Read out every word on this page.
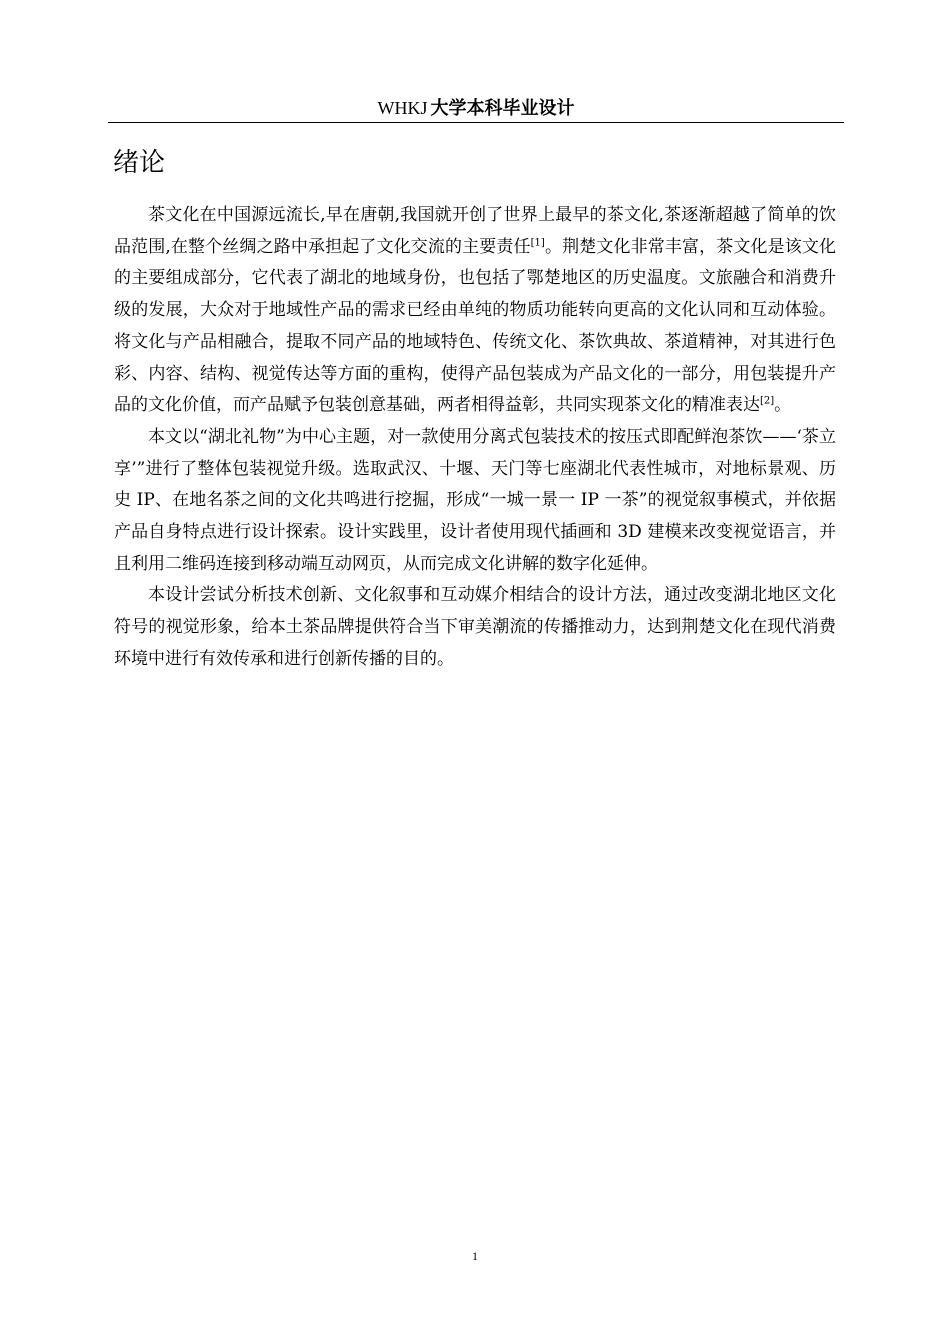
WHKJ 大学本科毕业设计
绪论

茶文化在中国源远流长,早在唐朝,我国就开创了世界上最早的茶文化,茶逐渐超越了简单的饮品范围,在整个丝绸之路中承担起了文化交流的主要责任[1]。荆楚文化非常丰富，茶文化是该文化的主要组成部分，它代表了湖北的地域身份，也包括了鄂楚地区的历史温度。文旅融合和消费升级的发展，大众对于地域性产品的需求已经由单纯的物质功能转向更高的文化认同和互动体验。将文化与产品相融合，提取不同产品的地域特色、传统文化、茶饮典故、茶道精神，对其进行色彩、内容、结构、视觉传达等方面的重构，使得产品包装成为产品文化的一部分，用包装提升产品的文化价值，而产品赋予包装创意基础，两者相得益彰，共同实现茶文化的精准表达[2]。

本文以“湖北礼物”为中心主题，对一款使用分离式包装技术的按压式即配鲜泡茶饮——‘茶立享’”进行了整体包装视觉升级。选取武汉、十堰、天门等七座湖北代表性城市，对地标景观、历史 IP、在地名茶之间的文化共鸣进行挖掘，形成“一城一景一 IP 一茶”的视觉叙事模式，并依据产品自身特点进行设计探索。设计实践里，设计者使用现代插画和 3D 建模来改变视觉语言，并且利用二维码连接到移动端互动网页，从而完成文化讲解的数字化延伸。

本设计尝试分析技术创新、文化叙事和互动媒介相结合的设计方法，通过改变湖北地区文化符号的视觉形象，给本土茶品牌提供符合当下审美潮流的传播推动力，达到荆楚文化在现代消费环境中进行有效传承和进行创新传播的目的。

1
